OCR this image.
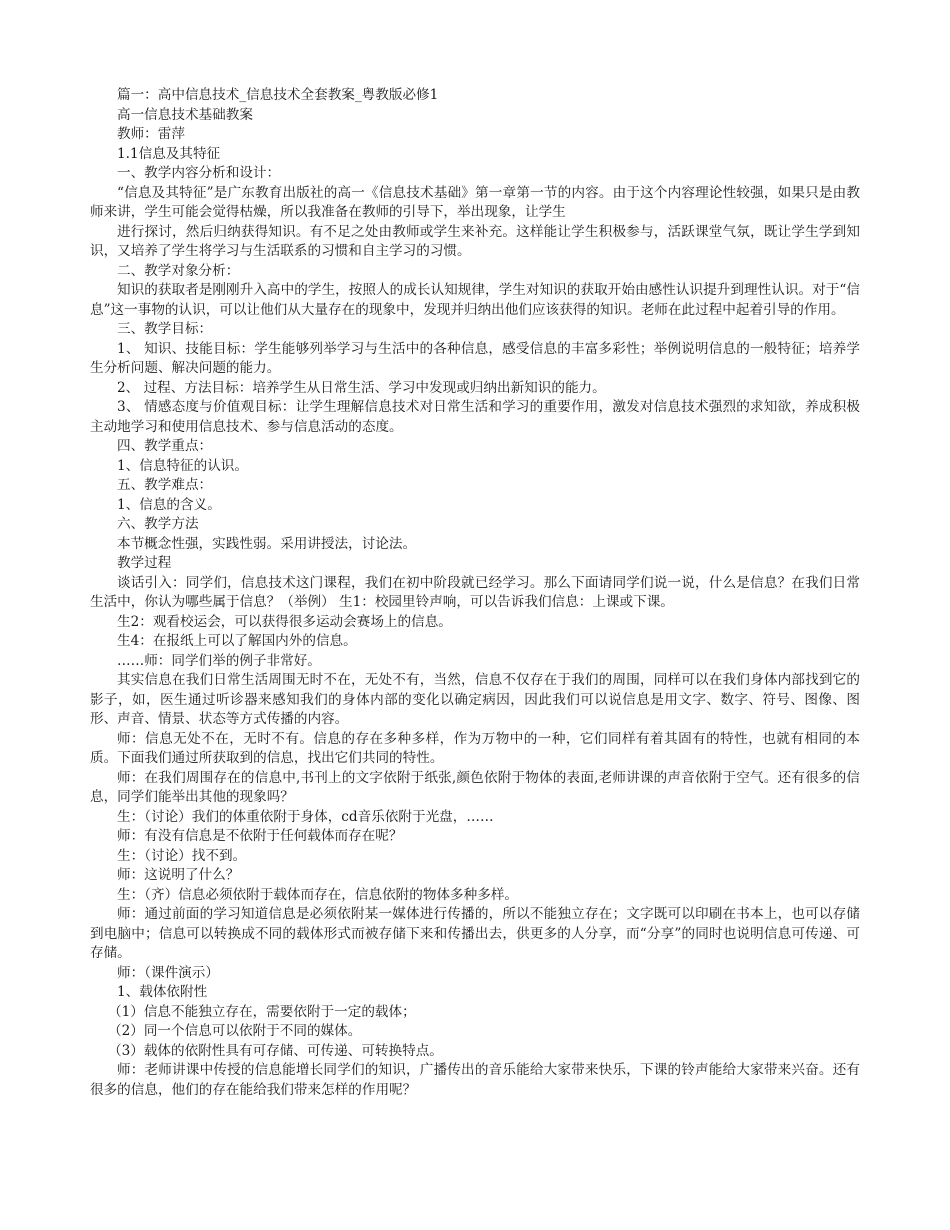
篇一：高中信息技术_信息技术全套教案_粤教版必修1

高一信息技术基础教案

教师：雷萍

1.1信息及其特征

一、教学内容分析和设计：

“信息及其特征”是广东教育出版社的高一《信息技术基础》第一章第一节的内容。由于这个内容理论性较强，如果只是由教师来讲，学生可能会觉得枯燥，所以我准备在教师的引导下，举出现象，让学生

进行探讨，然后归纳获得知识。有不足之处由教师或学生来补充。这样能让学生积极参与，活跃课堂气氛，既让学生学到知识，又培养了学生将学习与生活联系的习惯和自主学习的习惯。

二、教学对象分析：

知识的获取者是刚刚升入高中的学生，按照人的成长认知规律，学生对知识的获取开始由感性认识提升到理性认识。对于“信息”这一事物的认识，可以让他们从大量存在的现象中，发现并归纳出他们应该获得的知识。老师在此过程中起着引导的作用。

三、教学目标：

1、 知识、技能目标：学生能够列举学习与生活中的各种信息，感受信息的丰富多彩性；举例说明信息的一般特征；培养学生分析问题、解决问题的能力。

2、 过程、方法目标：培养学生从日常生活、学习中发现或归纳出新知识的能力。

3、 情感态度与价值观目标：让学生理解信息技术对日常生活和学习的重要作用，激发对信息技术强烈的求知欲，养成积极主动地学习和使用信息技术、参与信息活动的态度。

四、教学重点：

1、信息特征的认识。

五、教学难点：

1、信息的含义。

六、教学方法

本节概念性强，实践性弱。采用讲授法，讨论法。

教学过程

谈话引入：同学们，信息技术这门课程，我们在初中阶段就已经学习。那么下面请同学们说一说，什么是信息？在我们日常生活中，你认为哪些属于信息？（举例） 生1：校园里铃声响，可以告诉我们信息：上课或下课。

生2：观看校运会，可以获得很多运动会赛场上的信息。

生4：在报纸上可以了解国内外的信息。

……师：同学们举的例子非常好。

其实信息在我们日常生活周围无时不在，无处不有，当然，信息不仅存在于我们的周围，同样可以在我们身体内部找到它的影子，如，医生通过听诊器来感知我们的身体内部的变化以确定病因，因此我们可以说信息是用文字、数字、符号、图像、图形、声音、情景、状态等方式传播的内容。

师：信息无处不在，无时不有。信息的存在多种多样，作为万物中的一种，它们同样有着其固有的特性，也就有相同的本质。下面我们通过所获取到的信息，找出它们共同的特性。

师：在我们周围存在的信息中,书刊上的文字依附于纸张,颜色依附于物体的表面,老师讲课的声音依附于空气。还有很多的信息，同学们能举出其他的现象吗？

生：（讨论）我们的体重依附于身体，cd音乐依附于光盘，……

师：有没有信息是不依附于任何载体而存在呢？

生：（讨论）找不到。

师：这说明了什么？

生：（齐）信息必须依附于载体而存在，信息依附的物体多种多样。

师：通过前面的学习知道信息是必须依附某一媒体进行传播的，所以不能独立存在；文字既可以印刷在书本上，也可以存储到电脑中；信息可以转换成不同的载体形式而被存储下来和传播出去，供更多的人分享，而“分享”的同时也说明信息可传递、可存储。

师：（课件演示）

1、载体依附性

（1）信息不能独立存在，需要依附于一定的载体；

（2）同一个信息可以依附于不同的媒体。

（3）载体的依附性具有可存储、可传递、可转换特点。

师：老师讲课中传授的信息能增长同学们的知识，广播传出的音乐能给大家带来快乐，下课的铃声能给大家带来兴奋。还有很多的信息，他们的存在能给我们带来怎样的作用呢？
